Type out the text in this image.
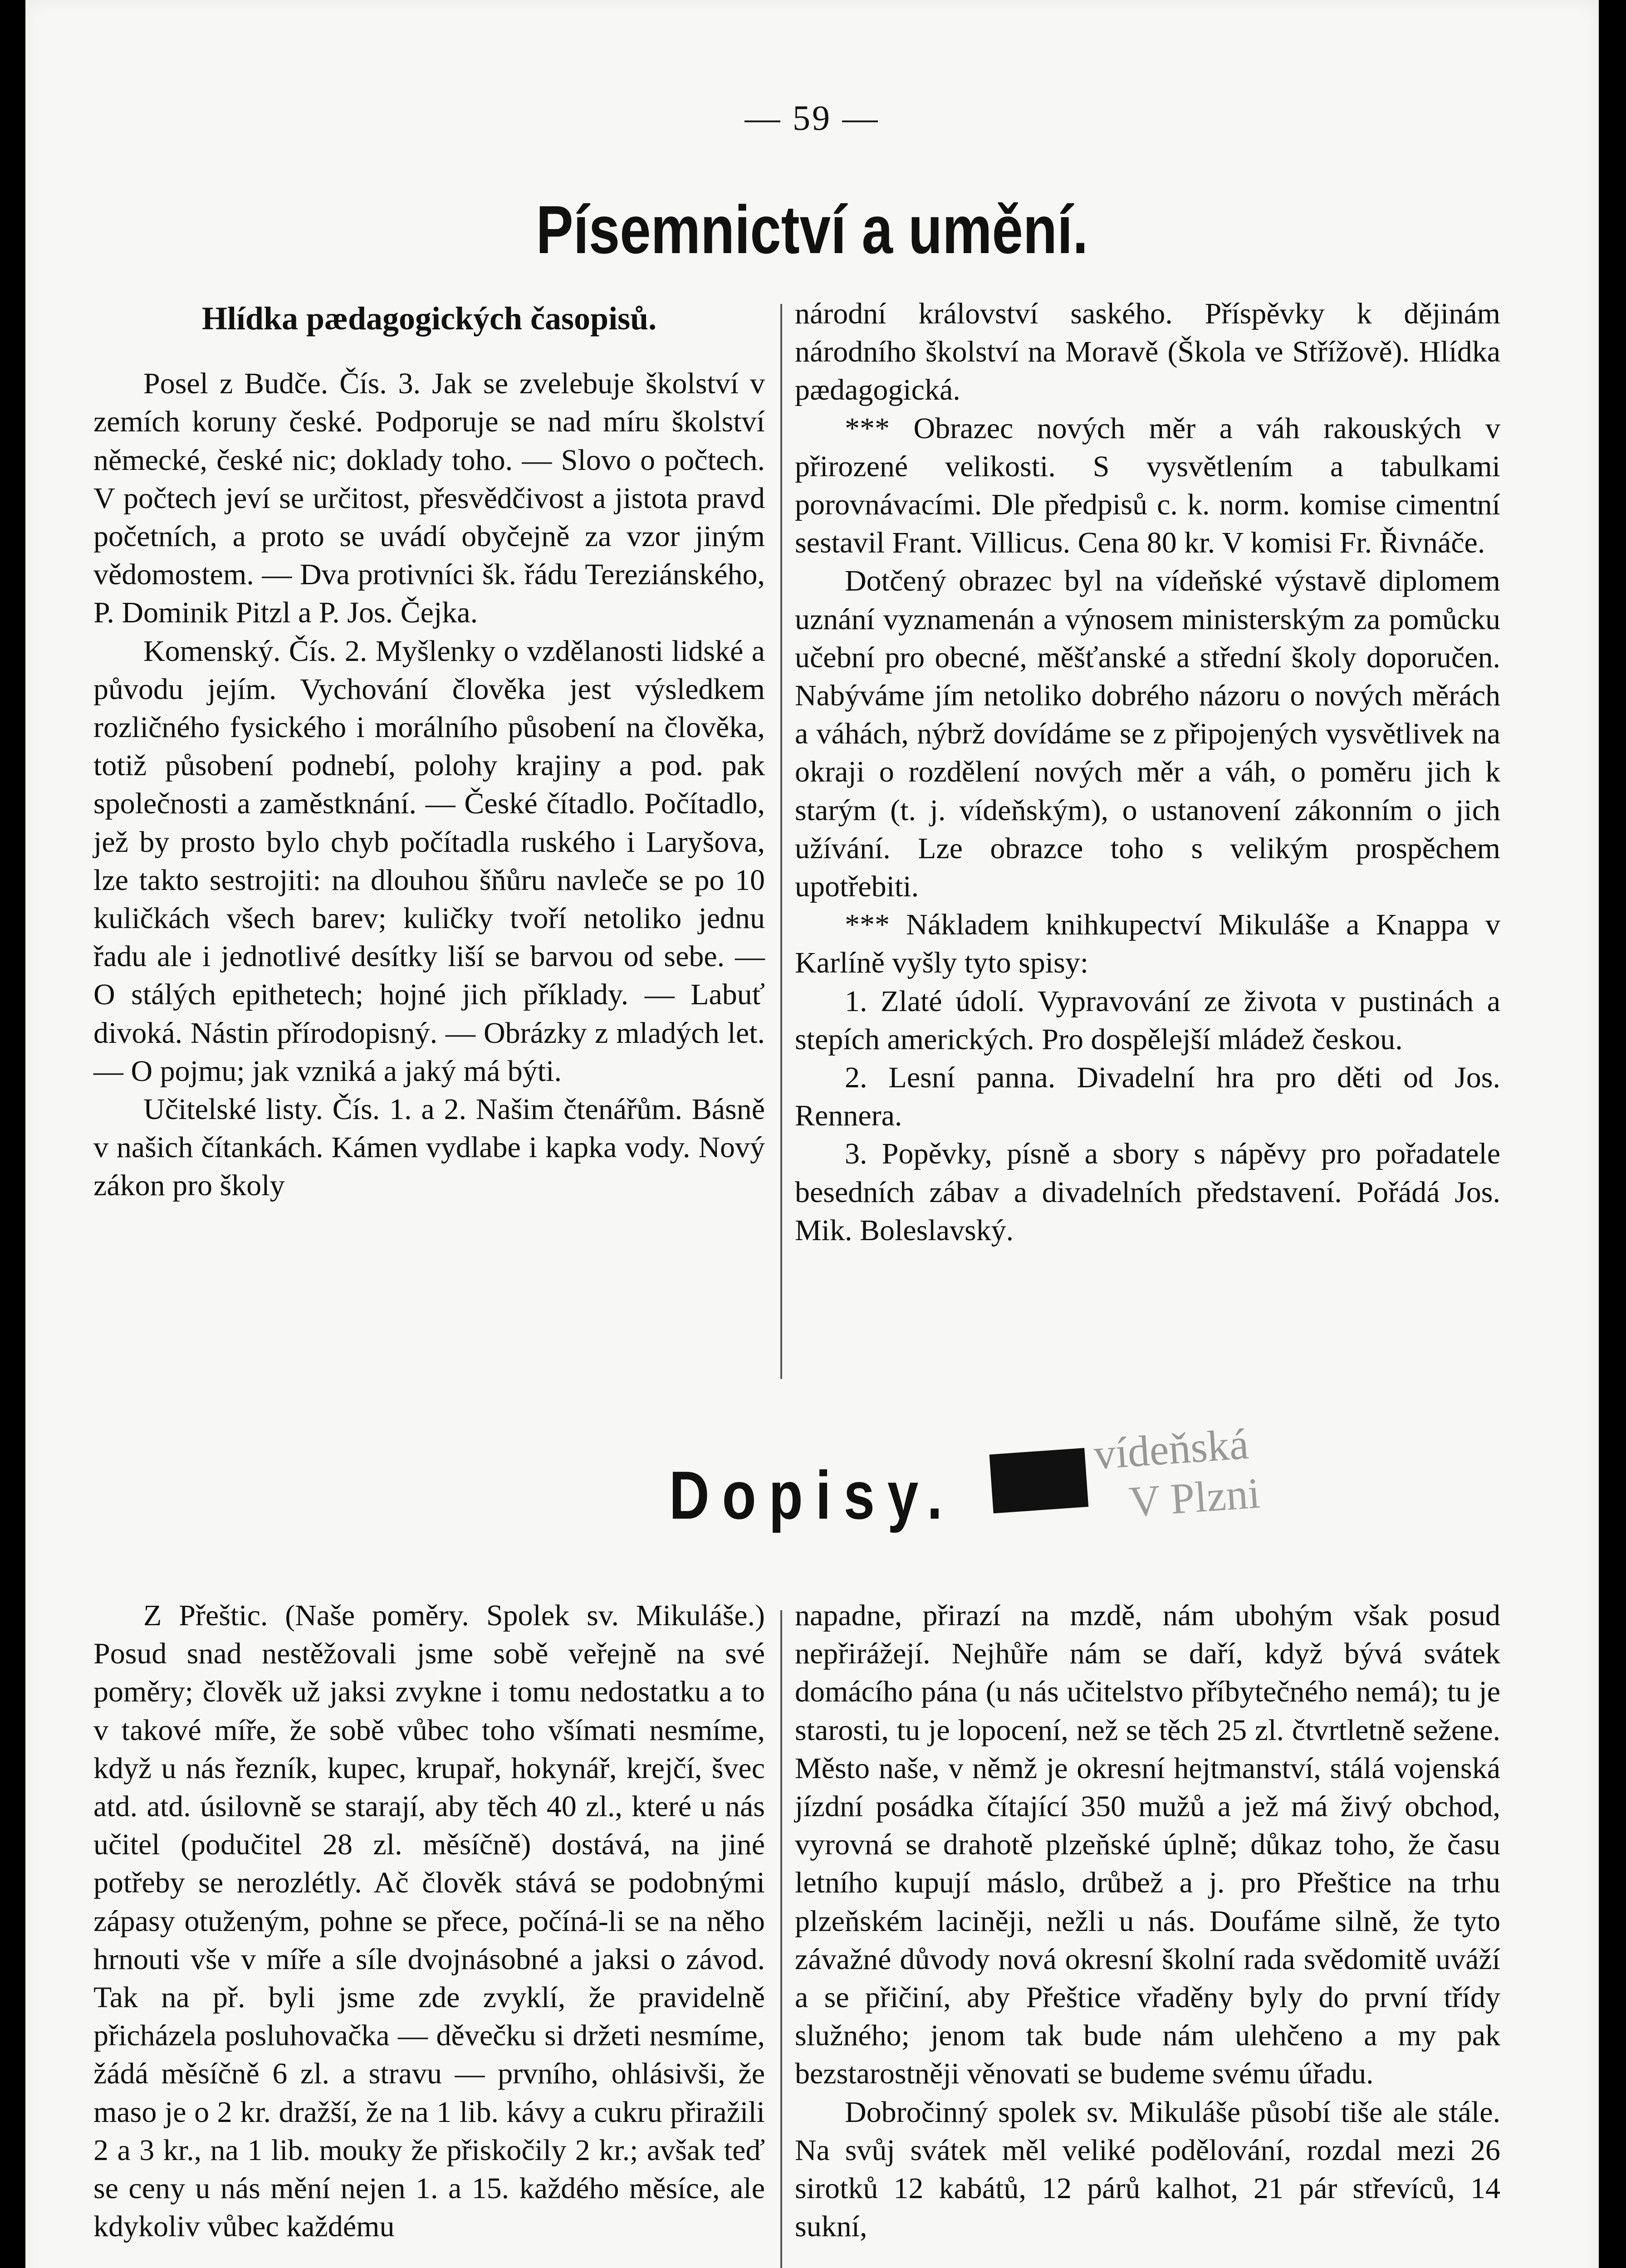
— 59 —
Písemnictví a umění.
Hlídka pædagogických časopisů.

Posel z Budče. Čís. 3. Jak se zvelebuje školství v zemích koruny české. Podporuje se nad míru školství německé, české nic; doklady toho. — Slovo o počtech. V počtech jeví se určitost, přesvědčivost a jistota pravd početních, a proto se uvádí obyčejně za vzor jiným vědomostem. — Dva protivníci šk. řádu Tereziánského, P. Dominik Pitzl a P. Jos. Čejka.

Komenský. Čís. 2. Myšlenky o vzdělanosti lidské a původu jejím. Vychování člověka jest výsledkem rozličného fysického i morálního působení na člověka, totiž působení podnebí, polohy krajiny a pod. pak společnosti a zaměstknání. — České čítadlo. Počítadlo, jež by prosto bylo chyb počítadla ruského i Laryšova, lze takto sestrojiti: na dlouhou šňůru navleče se po 10 kuličkách všech barev; kuličky tvoří netoliko jednu řadu ale i jednotlivé desítky liší se barvou od sebe. — O stálých epithetech; hojné jich příklady. — Labuť divoká. Nástin přírodopisný. — Obrázky z mladých let. — O pojmu; jak vzniká a jaký má býti.

Učitelské listy. Čís. 1. a 2. Našim čtenářům. Básně v našich čítankách. Kámen vydlabe i kapka vody. Nový zákon pro školy

národní království saského. Příspěvky k dějinám národního školství na Moravě (Škola ve Střížově). Hlídka pædagogická.

*** Obrazec nových měr a váh rakouských v přirozené velikosti. S vysvětlením a tabulkami porovnávacími. Dle předpisů c. k. norm. komise cimentní sestavil Frant. Villicus. Cena 80 kr. V komisi Fr. Řivnáče.

Dotčený obrazec byl na vídeňské výstavě diplomem uznání vyznamenán a výnosem ministerským za pomůcku učební pro obecné, měšťanské a střední školy doporučen. Nabýváme jím netoliko dobrého názoru o nových měrách a váhách, nýbrž dovídáme se z připojených vysvětlivek na okraji o rozdělení nových měr a váh, o poměru jich k starým (t. j. vídeňským), o ustanovení zákonním o jich užívání. Lze obrazce toho s velikým prospěchem upotřebiti.

*** Nákladem knihkupectví Mikuláše a Knappa v Karlíně vyšly tyto spisy:

1. Zlaté údolí. Vypravování ze života v pustinách a stepích amerických. Pro dospělejší mládež českou.

2. Lesní panna. Divadelní hra pro děti od Jos. Rennera.

3. Popěvky, písně a sbory s nápěvy pro pořadatele besedních zábav a divadelních představení. Pořádá Jos. Mik. Boleslavský.

vídeňská
V Plzni
Dopisy.

Z Přeštic. (Naše poměry. Spolek sv. Mikuláše.) Posud snad nestěžovali jsme sobě veřejně na své poměry; člověk už jaksi zvykne i tomu nedostatku a to v takové míře, že sobě vůbec toho všímati nesmíme, když u nás řezník, kupec, krupař, hokynář, krejčí, švec atd. atd. úsilovně se starají, aby těch 40 zl., které u nás učitel (podučitel 28 zl. měsíčně) dostává, na jiné potřeby se nerozlétly. Ač člověk stává se podobnými zápasy otuženým, pohne se přece, počíná-li se na něho hrnouti vše v míře a síle dvojnásobné a jaksi o závod. Tak na př. byli jsme zde zvyklí, že pravidelně přicházela posluhovačka — děvečku si držeti nesmíme, žádá měsíčně 6 zl. a stravu — prvního, ohlásivši, že maso je o 2 kr. dražší, že na 1 lib. kávy a cukru přiražili 2 a 3 kr., na 1 lib. mouky že přiskočily 2 kr.; avšak teď se ceny u nás mění nejen 1. a 15. každého měsíce, ale kdykoliv vůbec každému

napadne, přirazí na mzdě, nám ubohým však posud nepřirážejí. Nejhůře nám se daří, když bývá svátek domácího pána (u nás učitelstvo příbytečného nemá); tu je starosti, tu je lopocení, než se těch 25 zl. čtvrtletně sežene. Město naše, v němž je okresní hejtmanství, stálá vojenská jízdní posádka čítající 350 mužů a jež má živý obchod, vyrovná se drahotě plzeňské úplně; důkaz toho, že času letního kupují máslo, drůbež a j. pro Přeštice na trhu plzeňském laciněji, nežli u nás. Doufáme silně, že tyto závažné důvody nová okresní školní rada svědomitě uváží a se přičiní, aby Přeštice vřaděny byly do první třídy služného; jenom tak bude nám ulehčeno a my pak bezstarostněji věnovati se budeme svému úřadu.

Dobročinný spolek sv. Mikuláše působí tiše ale stále. Na svůj svátek měl veliké podělování, rozdal mezi 26 sirotků 12 kabátů, 12 párů kalhot, 21 pár střevíců, 14 sukní,
